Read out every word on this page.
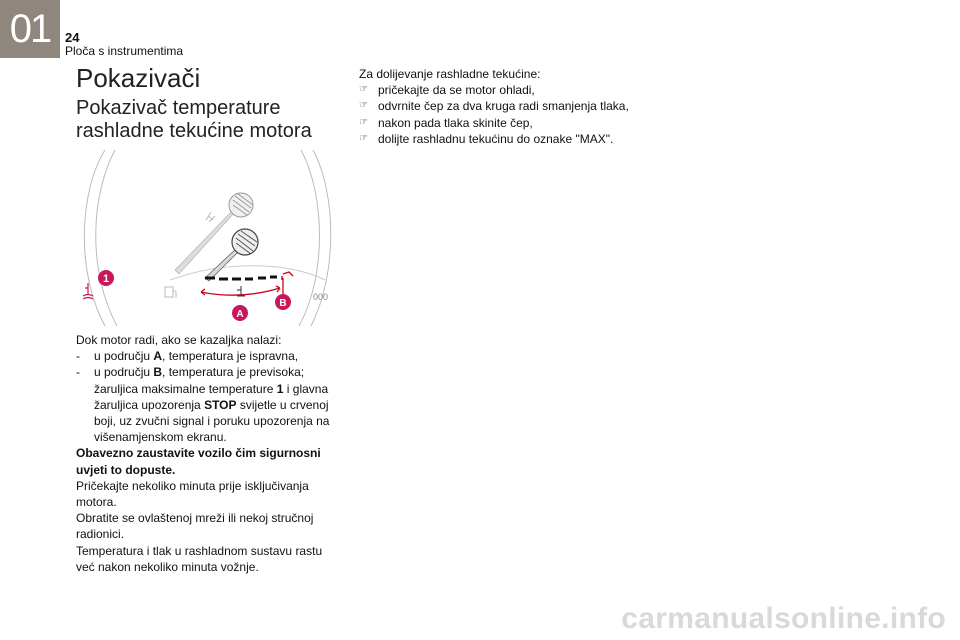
01 24
Ploča s instrumentima
Pokazivači
Pokazivač temperature
rashladne tekućine motora
000
1
B
A

Dok motor radi, ako se kazaljka nalazi:

-	u području A, temperatura je ispravna,
-	u području B, temperatura je previsoka;
žaruljica maksimalne temperature 1 i glavna žaruljica upozorenja STOP svijetle u crvenoj boji, uz zvučni signal i poruku upozorenja na višenamjenskom ekranu.

Obavezno zaustavite vozilo čim sigurnosni uvjeti to dopuste.

Pričekajte nekoliko minuta prije isključivanja motora.

Obratite se ovlaštenoj mreži ili nekoj stručnoj radionici.

Temperatura i tlak u rashladnom sustavu rastu već nakon nekoliko minuta vožnje.

Za dolijevanje rashladne tekućine:

☞ pričekajte da se motor ohladi,
☞ odvrnite čep za dva kruga radi smanjenja tlaka,
☞ nakon pada tlaka skinite čep,
☞ dolijte rashladnu tekućinu do oznake "MAX".
carmanualsonline.info
